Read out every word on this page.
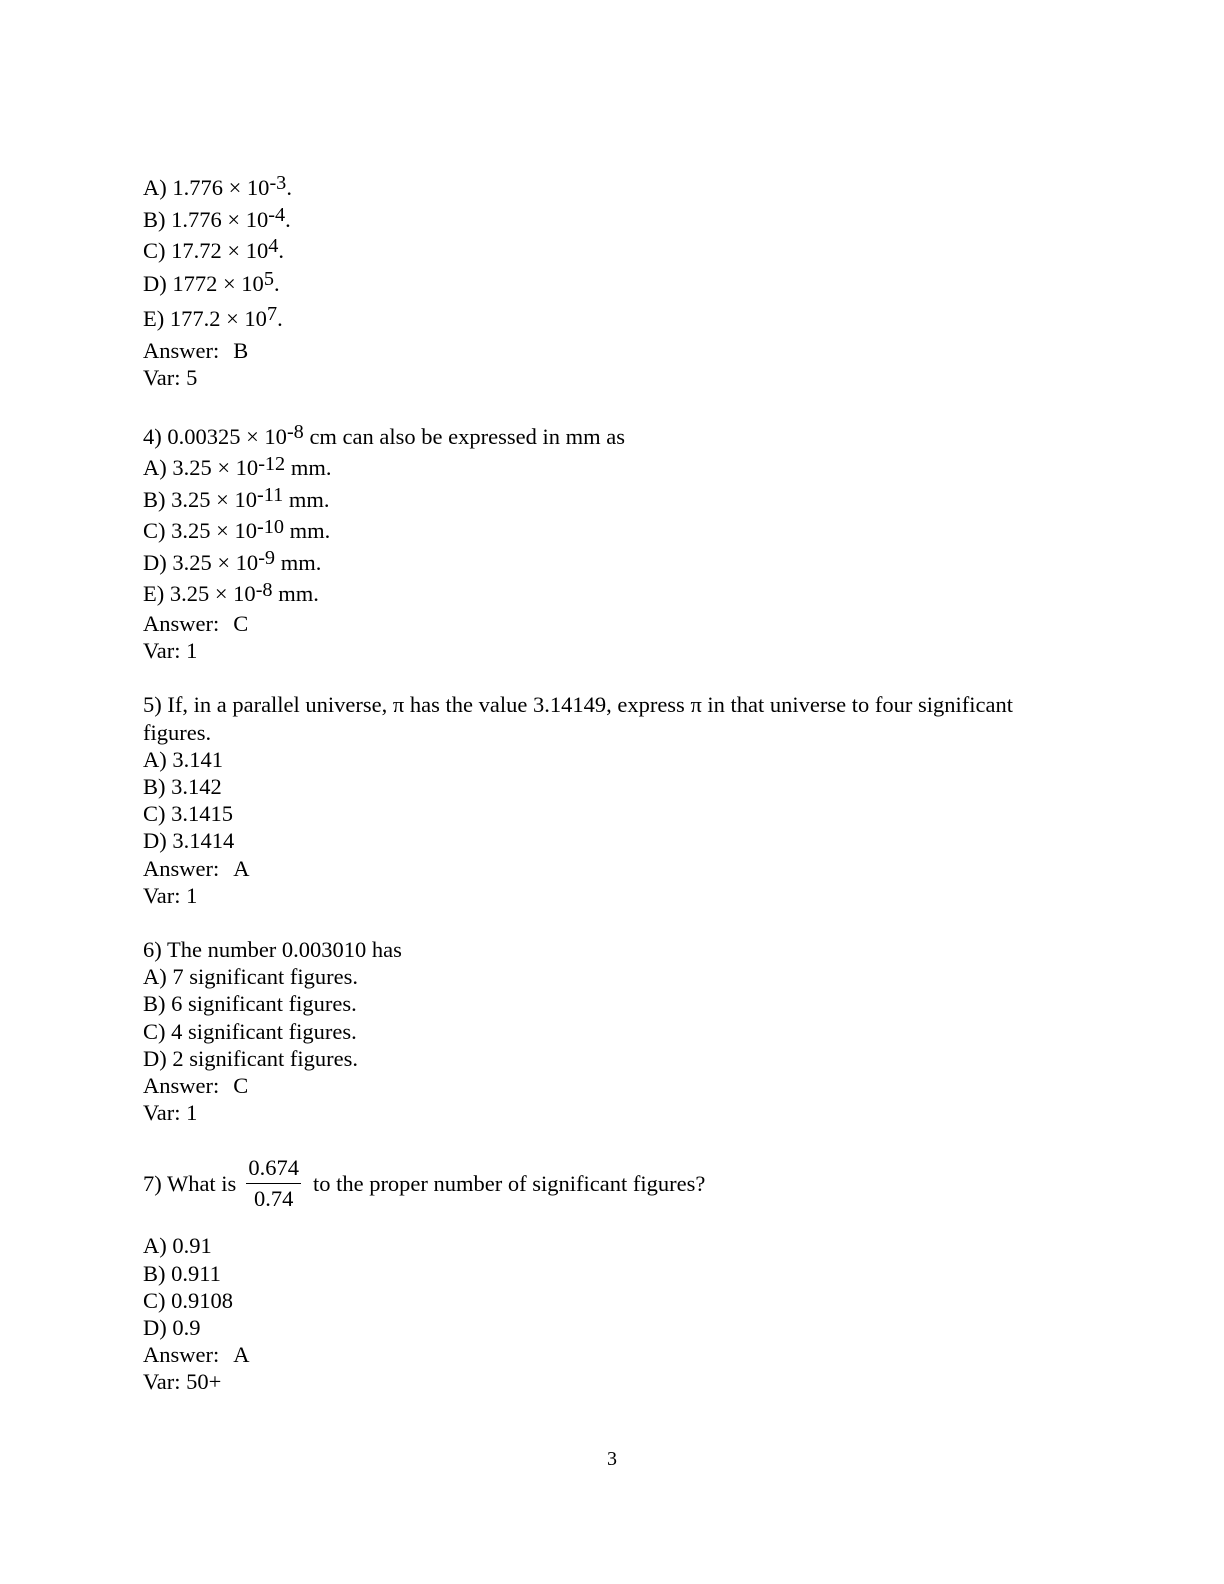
A) $1.776 \times 10^{-3}$.
B) $1.776 \times 10^{-4}$.
C) $17.72 \times 10^4$.
D) $1772 \times 10^5$.
E) $177.2 \times 10^7$.
Answer: B
Var: 5
4) $0.00325 \times 10^{-8}$ cm can also be expressed in mm as
A) $3.25 \times 10^{-12}$ mm.
B) $3.25 \times 10^{-11}$ mm.
C) $3.25 \times 10^{-10}$ mm.
D) $3.25 \times 10^{-9}$ mm.
E) $3.25 \times 10^{-8}$ mm.
Answer: C
Var: 1
5) If, in a parallel universe, π has the value 3.14149, express π in that universe to four significant figures.
A) 3.141
B) 3.142
C) 3.1415
D) 3.1414
Answer: A
Var: 1
6) The number 0.003010 has
A) 7 significant figures.
B) 6 significant figures.
C) 4 significant figures.
D) 2 significant figures.
Answer: C
Var: 1
7) What is $\frac{0.674}{0.74}$ to the proper number of significant figures?
A) 0.91
B) 0.911
C) 0.9108
D) 0.9
Answer: A
Var: 50+
3
